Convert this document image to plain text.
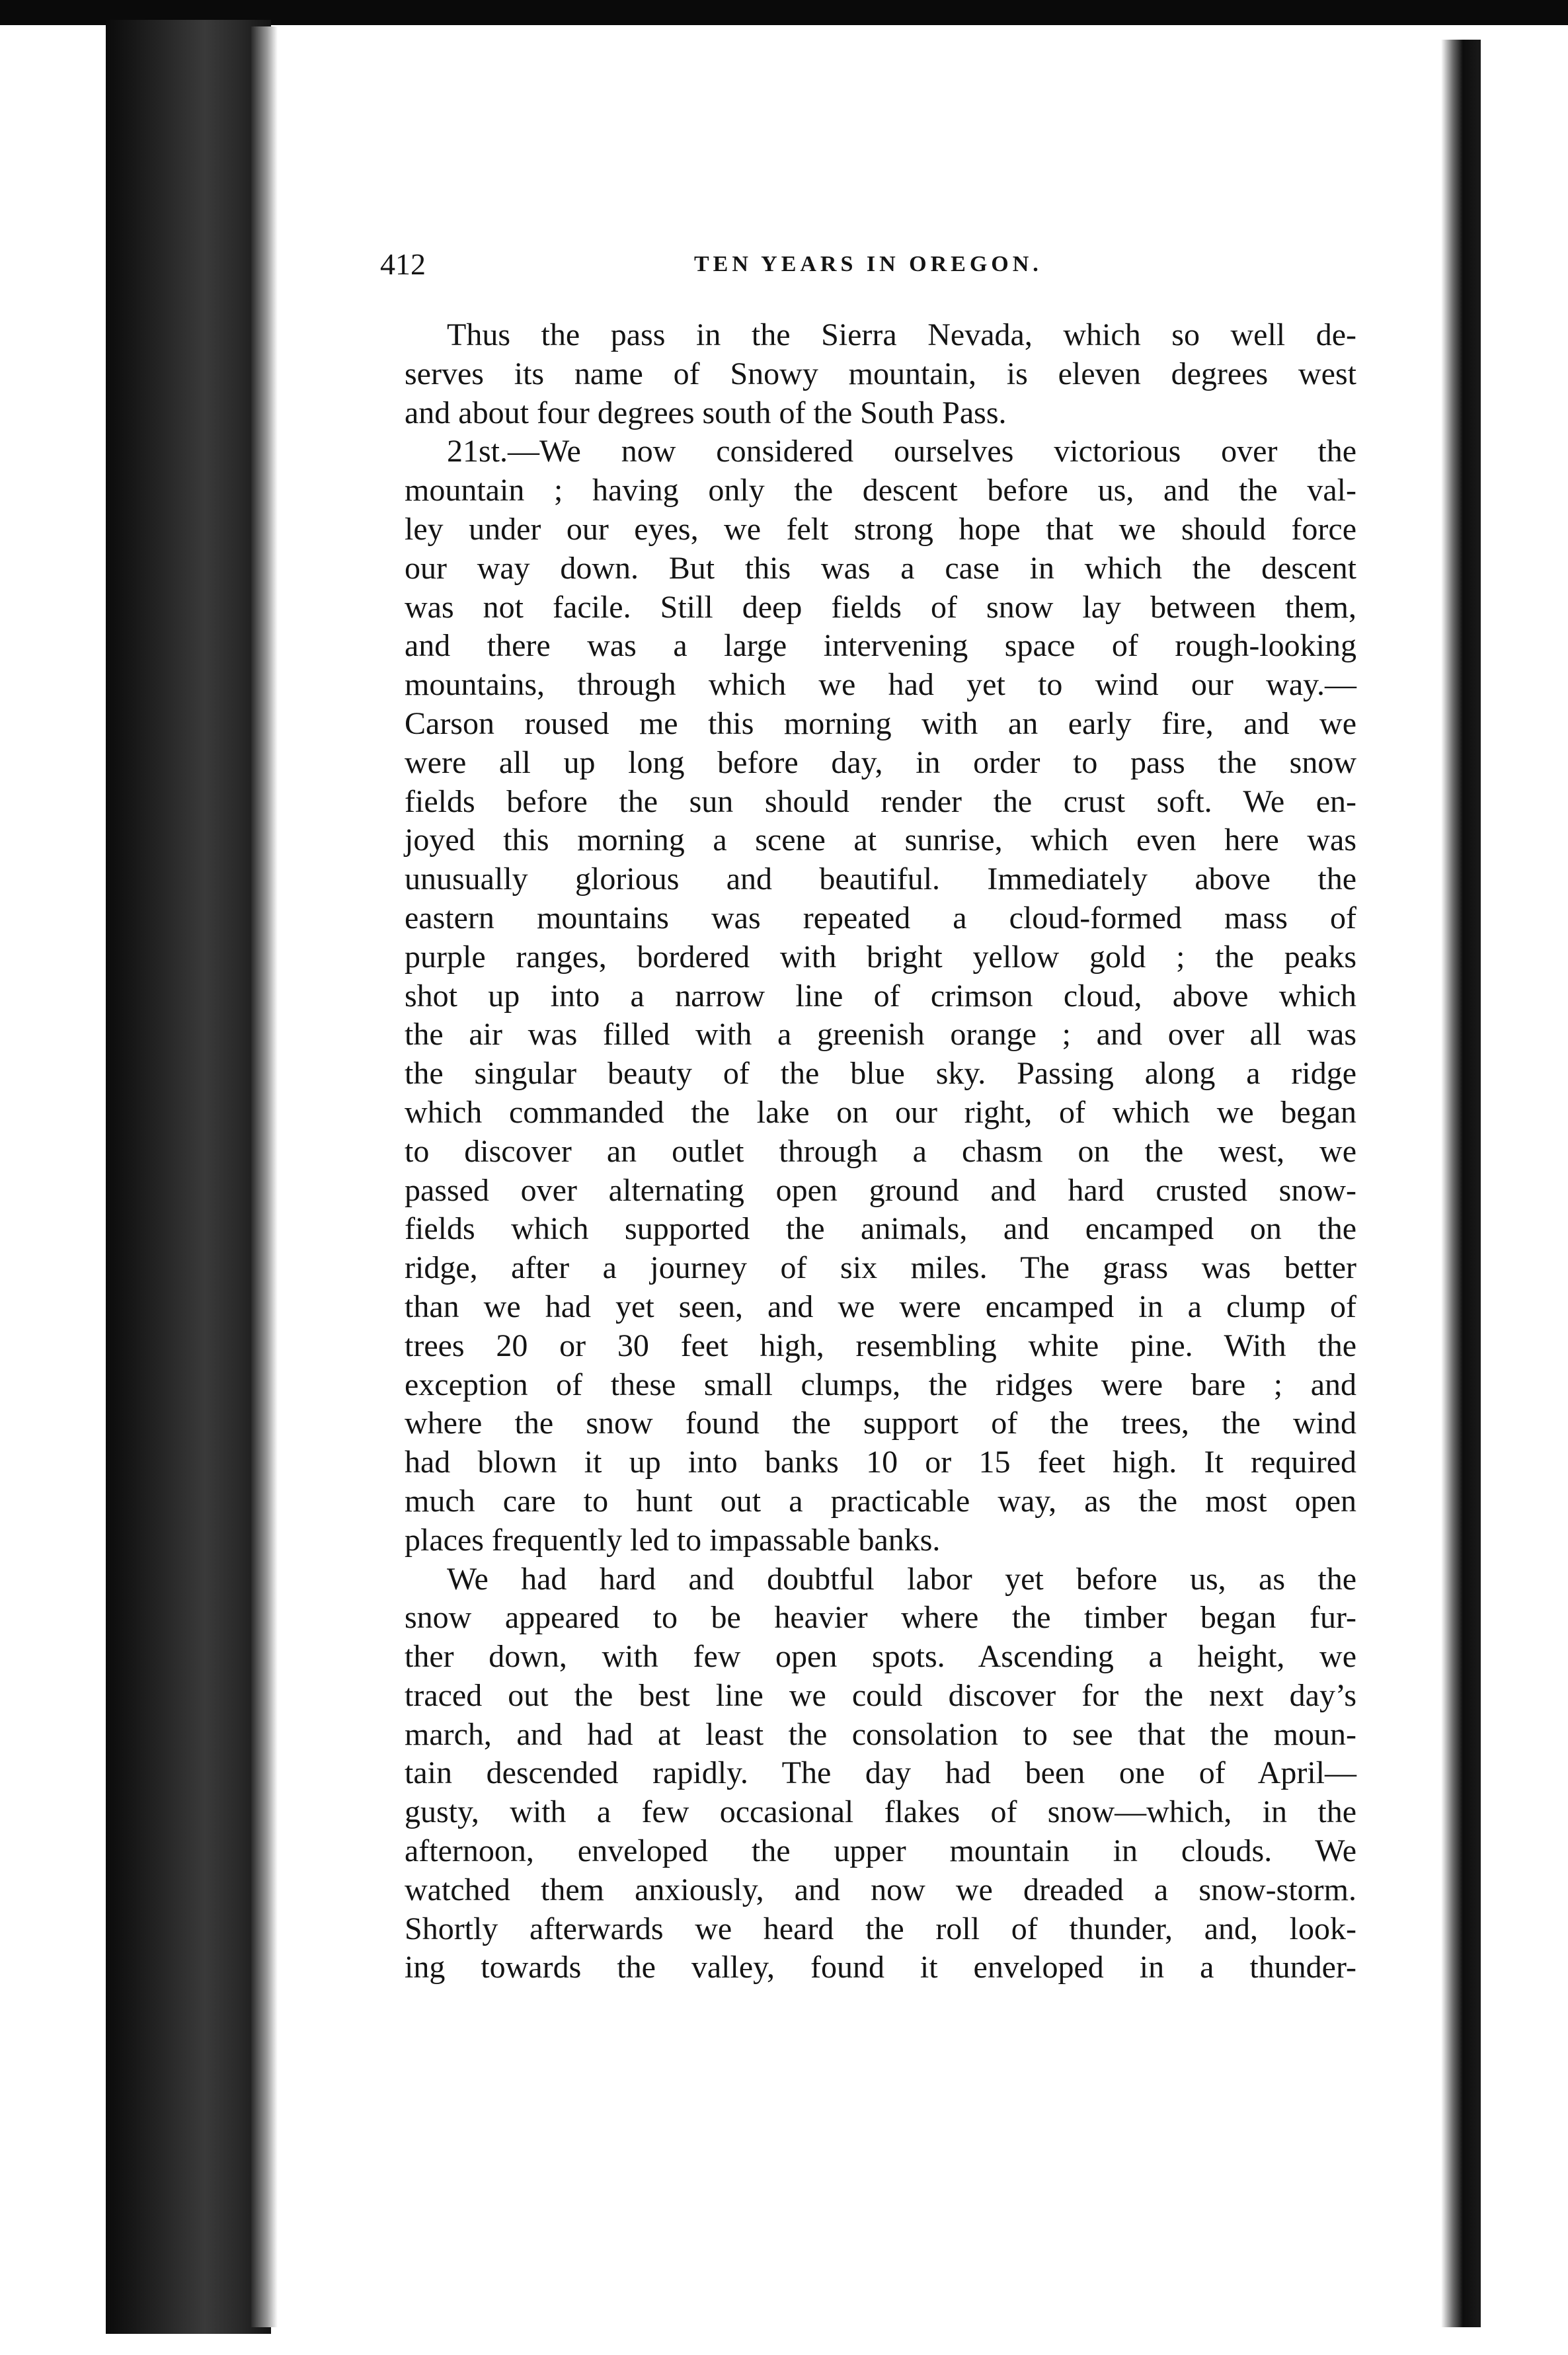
412	TEN YEARS IN OREGON.
Thus the pass in the Sierra Nevada, which so well de-
serves its name of Snowy mountain, is eleven degrees west
and about four degrees south of the South Pass.
21st.—We now considered ourselves victorious over the
mountain ; having only the descent before us, and the val-
ley under our eyes, we felt strong hope that we should force
our way down. But this was a case in which the descent
was not facile. Still deep fields of snow lay between them,
and there was a large intervening space of rough-looking
mountains, through which we had yet to wind our way.—
Carson roused me this morning with an early fire, and we
were all up long before day, in order to pass the snow
fields before the sun should render the crust soft. We en-
joyed this morning a scene at sunrise, which even here was
unusually glorious and beautiful. Immediately above the
eastern mountains was repeated a cloud-formed mass of
purple ranges, bordered with bright yellow gold ; the peaks
shot up into a narrow line of crimson cloud, above which
the air was filled with a greenish orange ; and over all was
the singular beauty of the blue sky. Passing along a ridge
which commanded the lake on our right, of which we began
to discover an outlet through a chasm on the west, we
passed over alternating open ground and hard crusted snow-
fields which supported the animals, and encamped on the
ridge, after a journey of six miles. The grass was better
than we had yet seen, and we were encamped in a clump of
trees 20 or 30 feet high, resembling white pine. With the
exception of these small clumps, the ridges were bare ; and
where the snow found the support of the trees, the wind
had blown it up into banks 10 or 15 feet high. It required
much care to hunt out a practicable way, as the most open
places frequently led to impassable banks.
We had hard and doubtful labor yet before us, as the
snow appeared to be heavier where the timber began fur-
ther down, with few open spots. Ascending a height, we
traced out the best line we could discover for the next day’s
march, and had at least the consolation to see that the moun-
tain descended rapidly. The day had been one of April—
gusty, with a few occasional flakes of snow—which, in the
afternoon, enveloped the upper mountain in clouds. We
watched them anxiously, and now we dreaded a snow-storm.
Shortly afterwards we heard the roll of thunder, and, look-
ing towards the valley, found it enveloped in a thunder-
